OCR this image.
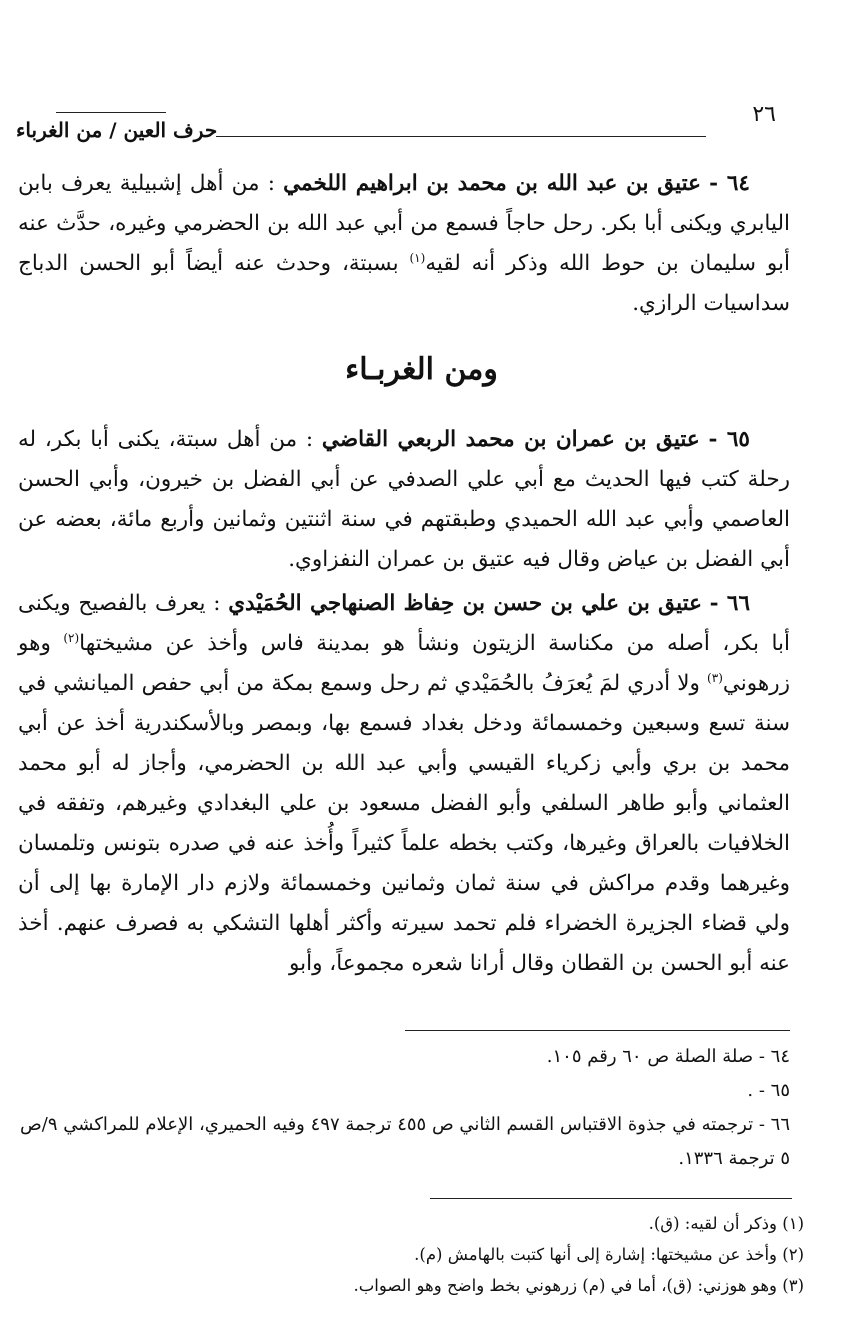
٢٦
حرف العين / من الغرباء

٦٤ - عتيق بن عبد الله بن محمد بن ابراهيم اللخمي : من أهل إشبيلية يعرف بابن اليابري ويكنى أبا بكر. رحل حاجاً فسمع من أبي عبد الله بن الحضرمي وغيره، حدَّث عنه أبو سليمان بن حوط الله وذكر أنه لقيه$^{(١)}$ بسبتة، وحدث عنه أيضاً أبو الحسن الدباج سداسيات الرازي.

ومن الغربـاء

٦٥ - عتيق بن عمران بن محمد الربعي القاضي : من أهل سبتة، يكنى أبا بكر، له رحلة كتب فيها الحديث مع أبي علي الصدفي عن أبي الفضل بن خيرون، وأبي الحسن العاصمي وأبي عبد الله الحميدي وطبقتهم في سنة اثنتين وثمانين وأربع مائة، بعضه عن أبي الفضل بن عياض وقال فيه عتيق بن عمران النفزاوي.

٦٦ - عتيق بن علي بن حسن بن حِفاظ الصنهاجي الحُمَيْدي : يعرف بالفصيح ويكنى أبا بكر، أصله من مكناسة الزيتون ونشأ هو بمدينة فاس وأخذ عن مشيختها$^{(٢)}$ وهو زرهوني$^{(٣)}$ ولا أدري لمَ يُعرَفُ بالحُمَيْدي ثم رحل وسمع بمكة من أبي حفص الميانشي في سنة تسع وسبعين وخمسمائة ودخل بغداد فسمع بها، وبمصر وبالأسكندرية أخذ عن أبي محمد بن بري وأبي زكرياء القيسي وأبي عبد الله بن الحضرمي، وأجاز له أبو محمد العثماني وأبو طاهر السلفي وأبو الفضل مسعود بن علي البغدادي وغيرهم، وتفقه في الخلافيات بالعراق وغيرها، وكتب بخطه علماً كثيراً وأُخذ عنه في صدره بتونس وتلمسان وغيرهما وقدم مراكش في سنة ثمان وثمانين وخمسمائة ولازم دار الإمارة بها إلى أن ولي قضاء الجزيرة الخضراء فلم تحمد سيرته وأكثر أهلها التشكي به فصرف عنهم. أخذ عنه أبو الحسن بن القطان وقال أرانا شعره مجموعاً، وأبو

٦٤ - صلة الصلة ص ٦٠ رقم ١٠٥.

٦٥ - .

٦٦ - ترجمته في جذوة الاقتباس القسم الثاني ص ٤٥٥ ترجمة ٤٩٧ وفيه الحميري، الإعلام للمراكشي ٩/ص ٥ ترجمة ١٣٣٦.

(١) وذكر أن لقيه: (ق).

(٢) وأخذ عن مشيختها: إشارة إلى أنها كتبت بالهامش (م).

(٣) وهو هوزني: (ق)، أما في (م) زرهوني بخط واضح وهو الصواب.
